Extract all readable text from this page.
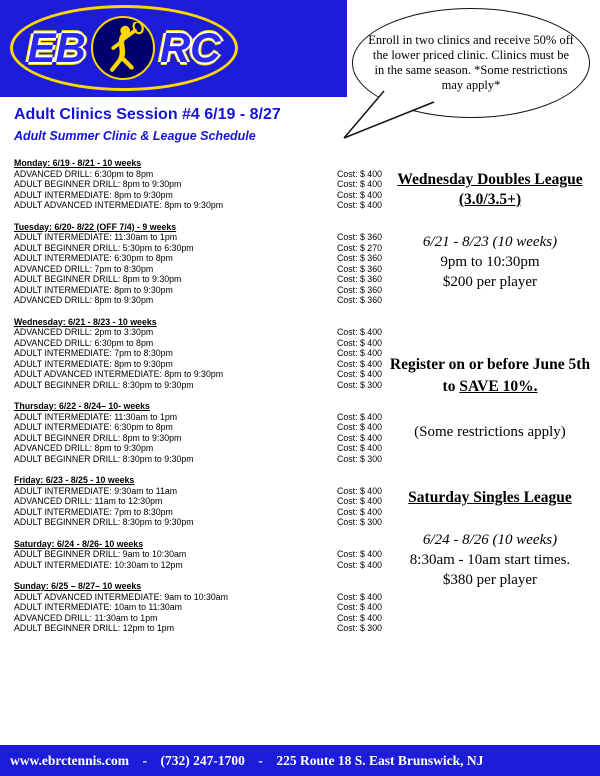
EB RC	Enroll in two clinics and receive 50% off the lower priced clinic. Clinics must be in the same season. *Some restrictions may apply*
Adult Clinics Session #4 6/19 - 8/27
Adult Summer Clinic & League Schedule
Monday: 6/19 - 8/21 - 10 weeks
ADVANCED DRILL: 6:30pm to 8pm	Cost: $ 400
ADULT BEGINNER DRILL: 8pm to 9:30pm	Cost: $ 400
ADULT INTERMEDIATE: 8pm to 9:30pm	Cost: $ 400
ADULT ADVANCED INTERMEDIATE: 8pm to 9:30pm	Cost: $ 400
Tuesday: 6/20- 8/22 (OFF 7/4) - 9 weeks
ADULT INTERMEDIATE: 11:30am to 1pm	Cost: $ 360
ADULT BEGINNER DRILL: 5:30pm to 6:30pm	Cost: $ 270
ADULT INTERMEDIATE: 6:30pm to 8pm	Cost: $ 360
ADVANCED DRILL: 7pm to 8:30pm	Cost: $ 360
ADULT BEGINNER DRILL: 8pm to 9:30pm	Cost: $ 360
ADULT INTERMEDIATE: 8pm to 9:30pm	Cost: $ 360
ADVANCED DRILL: 8pm to 9:30pm	Cost: $ 360
Wednesday: 6/21 - 8/23 - 10 weeks
ADVANCED DRILL: 2pm to 3:30pm	Cost: $ 400
ADVANCED DRILL: 6:30pm to 8pm	Cost: $ 400
ADULT INTERMEDIATE: 7pm to 8:30pm	Cost: $ 400
ADULT INTERMEDIATE: 8pm to 9:30pm	Cost: $ 400
ADULT ADVANCED INTERMEDIATE: 8pm to 9:30pm	Cost: $ 400
ADULT BEGINNER DRILL: 8:30pm to 9:30pm	Cost: $ 300
Thursday: 6/22 - 8/24– 10- weeks
ADULT INTERMEDIATE: 11:30am to 1pm	Cost: $ 400
ADULT INTERMEDIATE: 6:30pm to 8pm	Cost: $ 400
ADULT BEGINNER DRILL: 8pm to 9:30pm	Cost: $ 400
ADVANCED DRILL: 8pm to 9:30pm	Cost: $ 400
ADULT BEGINNER DRILL: 8:30pm to 9:30pm	Cost: $ 300
Friday: 6/23 - 8/25 - 10 weeks
ADULT INTERMEDIATE: 9:30am to 11am	Cost: $ 400
ADVANCED DRILL: 11am to 12:30pm	Cost: $ 400
ADULT INTERMEDIATE: 7pm to 8:30pm	Cost: $ 400
ADULT BEGINNER DRILL: 8:30pm to 9:30pm	Cost: $ 300
Saturday: 6/24 - 8/26- 10 weeks
ADULT BEGINNER DRILL: 9am to 10:30am	Cost: $ 400
ADULT INTERMEDIATE: 10:30am to 12pm	Cost: $ 400
Sunday: 6/25 – 8/27– 10 weeks
ADULT ADVANCED INTERMEDIATE: 9am to 10:30am	Cost: $ 400
ADULT INTERMEDIATE: 10am to 11:30am	Cost: $ 400
ADVANCED DRILL: 11:30am to 1pm	Cost: $ 400
ADULT BEGINNER DRILL: 12pm to 1pm	Cost: $ 300
Wednesday Doubles League (3.0/3.5+)
6/21 - 8/23 (10 weeks)
9pm to 10:30pm
$200 per player
Register on or before June 5th to SAVE 10%.
(Some restrictions apply)
Saturday Singles League
6/24 - 8/26 (10 weeks)
8:30am - 10am start times.
$380 per player
www.ebrctennis.com    -    (732) 247-1700    -    225 Route 18 S. East Brunswick, NJ
